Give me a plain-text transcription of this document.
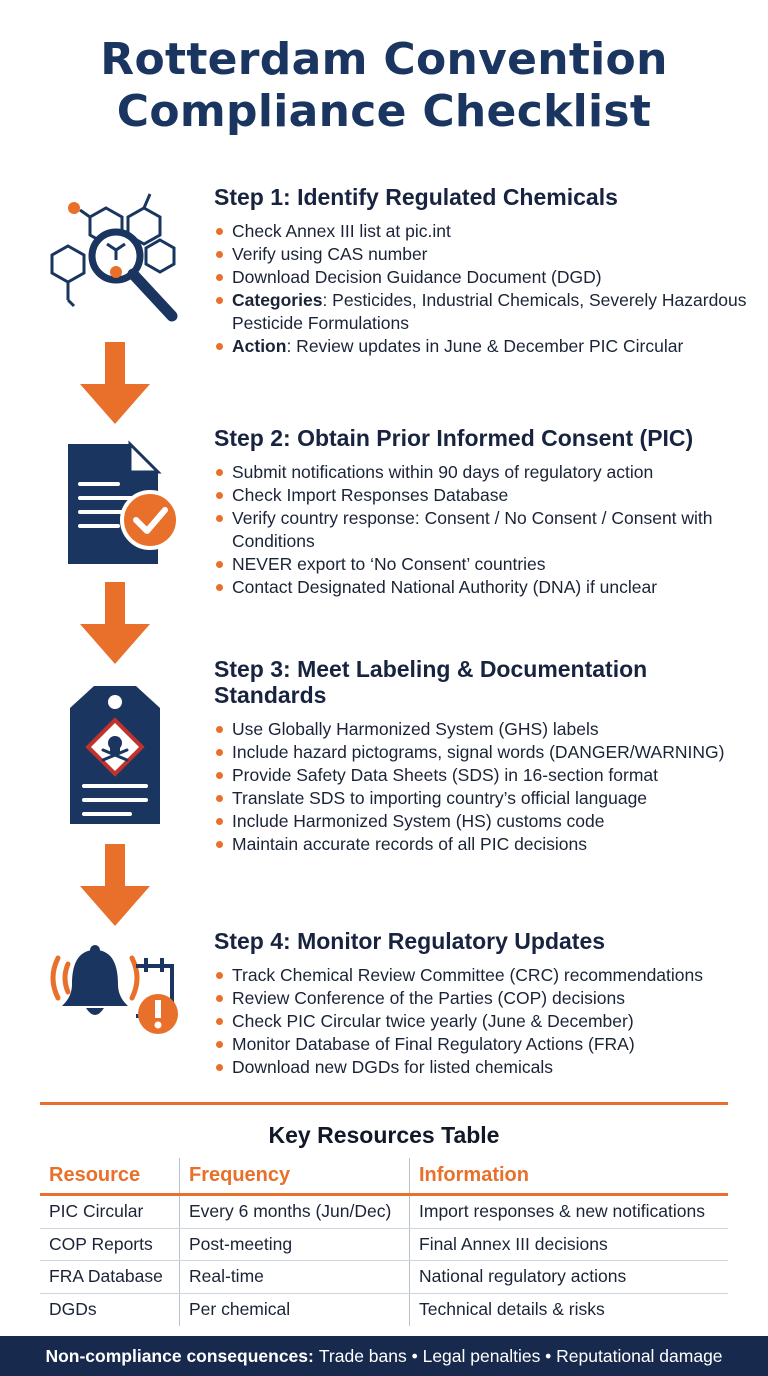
Rotterdam Convention
Compliance Checklist
Step 1: Identify Regulated Chemicals
Check Annex III list at pic.int
Verify using CAS number
Download Decision Guidance Document (DGD)
Categories: Pesticides, Industrial Chemicals, Severely Hazardous Pesticide Formulations
Action: Review updates in June & December PIC Circular
Step 2: Obtain Prior Informed Consent (PIC)
Submit notifications within 90 days of regulatory action
Check Import Responses Database
Verify country response: Consent / No Consent / Consent with Conditions
NEVER export to ‘No Consent’ countries
Contact Designated National Authority (DNA) if unclear
Step 3: Meet Labeling & Documentation Standards
Use Globally Harmonized System (GHS) labels
Include hazard pictograms, signal words (DANGER/WARNING)
Provide Safety Data Sheets (SDS) in 16-section format
Translate SDS to importing country’s official language
Include Harmonized System (HS) customs code
Maintain accurate records of all PIC decisions
Step 4: Monitor Regulatory Updates
Track Chemical Review Committee (CRC) recommendations
Review Conference of the Parties (COP) decisions
Check PIC Circular twice yearly (June & December)
Monitor Database of Final Regulatory Actions (FRA)
Download new DGDs for listed chemicals
Key Resources Table
Resource	Frequency	Information
PIC Circular	Every 6 months (Jun/Dec)	Import responses & new notifications
COP Reports	Post-meeting	Final Annex III decisions
FRA Database	Real-time	National regulatory actions
DGDs	Per chemical	Technical details & risks
Non-compliance consequences: Trade bans • Legal penalties • Reputational damage
